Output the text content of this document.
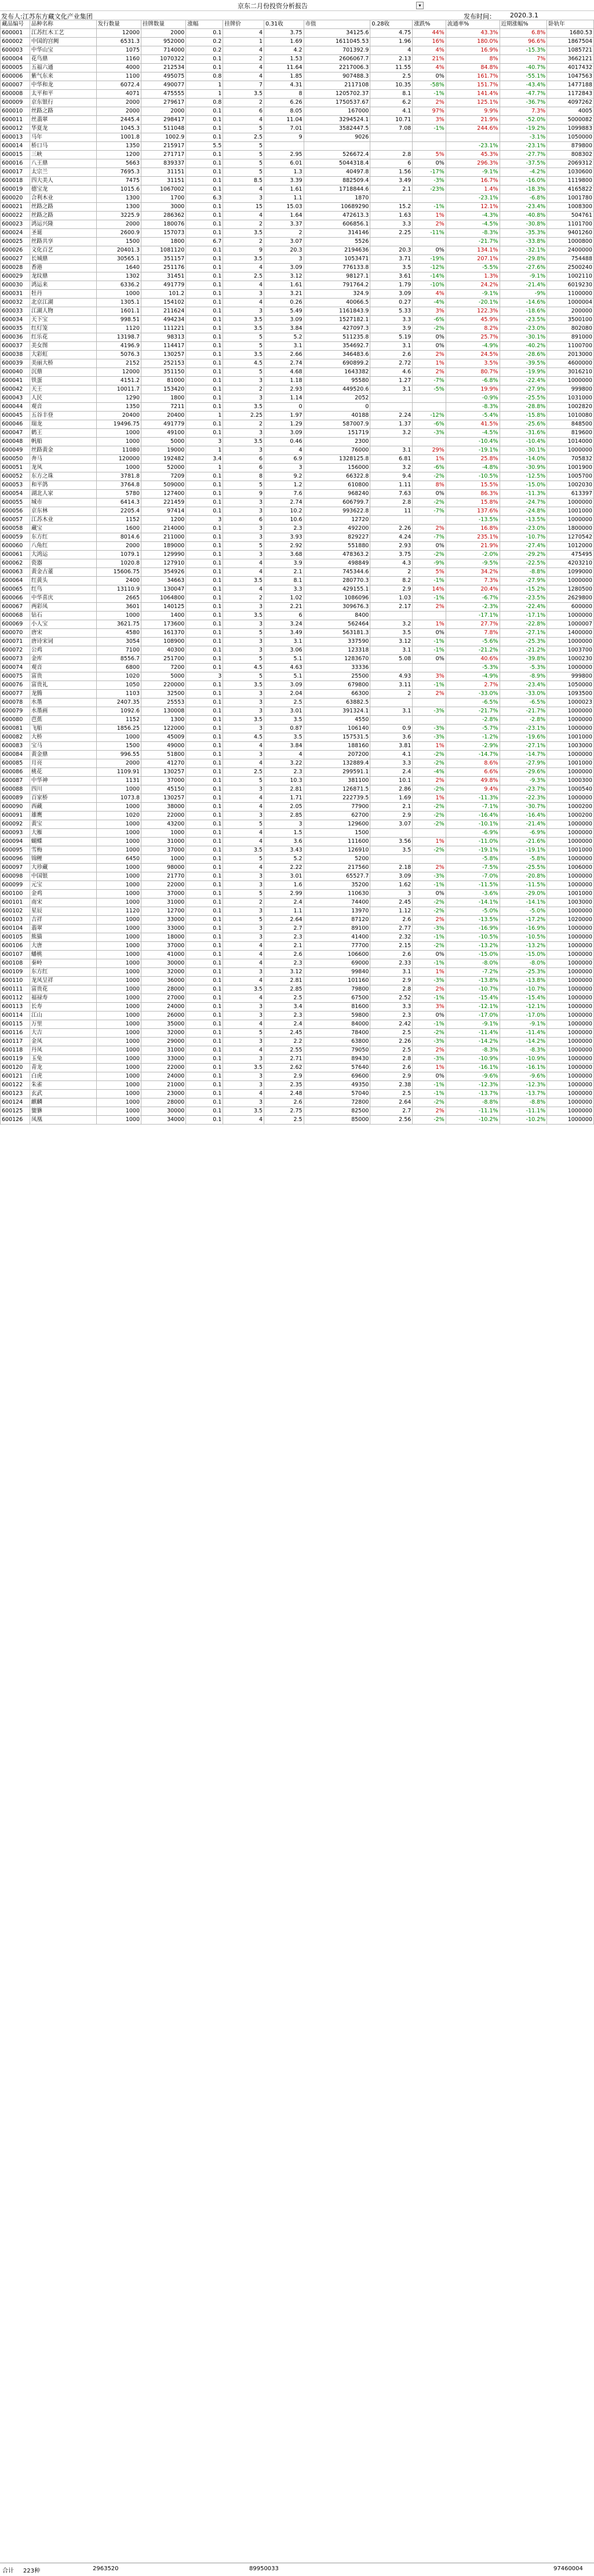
京东二月份投资分析报告	▾
发布人:江苏东方藏文化产业集团	发布时间： 2020.3.1
藏品编号	品种名称	发行数量	挂牌数量	涨幅	挂牌价	0.31收	市值	0.28收	涨跌%	流通率%	近期涨幅%	卧轨年
600001	江苏红木工艺	12000	2000	0.1	4	3.75	34125.6	4.75	44%	43.3%	6.8%	1680.53
600002	中国的宫阙	6531.3	952000	0.2	1	1.69	1611045.53	1.96	16%	180.0%	96.6%	1867504
600003	中华山宝	1075	714000	0.2	4	4.2	701392.9	4	4%	16.9%	-15.3%	1085721
600004	花鸟鼎	1160	1070322	0.1	2	1.53	2606067.7	2.13	21%	8%	7%	3662121
600005	五福六通	4000	212534	0.1	4	11.64	2217006.3	11.55	4%	84.8%	-40.7%	4017432
600006	紫气东来	1100	495075	0.8	4	1.85	907488.3	2.5	0%	161.7%	-55.1%	1047563
600007	中华和龙	6072.4	490077	1	7	4.31	2117108	10.35	-58%	151.7%	-43.4%	1477188
600008	太平和平	4071	475555	1	3.5	8	1205702.37	8.1	-1%	141.4%	-47.7%	1172843
600009	京东银行	2000	279617	0.8	2	6.26	1750537.67	6.2	2%	125.1%	-36.7%	4097262
600010	丝路之路	2000	2000	0.1	6	8.05	167000	4.1	97%	9.9%	7.3%	4005
600011	丝翡翠	2445.4	298417	0.1	4	11.04	3294524.1	10.71	3%	21.9%	-52.0%	5000082
600012	华夏龙	1045.3	511048	0.1	5	7.01	3582447.5	7.08	-1%	244.6%	-19.2%	1099883
600013	马年	1001.8	1002.9	0.1	2.5	9	9026				-3.1%	1050000
600014	桥口马	1350	215917	5.5	5					-23.1%	-23.1%	879800
600015	三峡	1200	271717	0.1	5	2.95	526672.4	2.8	5%	45.3%	-27.7%	808302
600016	八王鼎	5663	839337	0.1	5	6.01	5044318.4	6	0%	296.3%	-37.5%	2069312
600017	太宗兰	7695.3	31151	0.1	5	1.3	40497.8	1.56	-17%	-9.1%	-4.2%	1030600
600018	四大美人	7475	31151	0.1	8.5	3.39	882509.4	3.49	-3%	16.7%	-16.0%	1119800
600019	德宝龙	1015.6	1067002	0.1	4	1.61	1718844.6	2.1	-23%	1.4%	-18.3%	4165822
600020	合利木业	1300	1700	6.3	3	1.1	1870			-23.1%	-6.8%	1001780
600021	丝路之路	1300	3000	0.1	15	15.03	10689290	15.2	-1%	12.1%	-23.4%	1008300
600022	丝路之路	3225.9	286362	0.1	4	1.64	472613.3	1.63	1%	-4.3%	-40.8%	504761
600023	鸿运兴隆	2000	180076	0.1	2	3.37	606856.1	3.3	2%	-4.5%	-30.8%	1101700
600024	圣诞	2600.9	157073	0.1	3.5	2	314146	2.25	-11%	-8.3%	-35.3%	9401260
600025	丝路共享	1500	1800	6.7	2	3.07	5526			-21.7%	-33.8%	1000800
600026	文化百艺	20401.3	1081120	0.1	9	20.3	2194636	20.3	0%	134.1%	-32.1%	2400000
600027	长城鼎	30565.1	351157	0.1	3.5	3	1053471	3.71	-19%	207.1%	-29.8%	754488
600028	香港	1640	251176	0.1	4	3.09	776133.8	3.5	-12%	-5.5%	-27.6%	2500240
600029	龙纹鼎	1302	31451	0.1	2.5	3.12	98127.1	3.61	-14%	1.3%	-9.1%	1002110
600030	鸿运来	6336.2	491779	0.1	4	1.61	791764.2	1.79	-10%	24.2%	-21.4%	6019230
600031	牡丹	1000	101.2	0.1	3	3.21	324.9	3.09	4%	-9.1%	-9%	1100000
600032	北京江湖	1305.1	154102	0.1	4	0.26	40066.5	0.27	-4%	-20.1%	-14.6%	1000004
600033	江湖人物	1601.1	211624	0.1	3	5.49	1161843.9	5.33	3%	122.3%	-18.6%	200000
600034	天下宝	998.51	494234	0.1	3.5	3.09	1527182.1	3.3	-6%	45.9%	-23.5%	3500100
600035	红灯笼	1120	111221	0.1	3.5	3.84	427097.3	3.9	-2%	8.2%	-23.0%	802080
600036	红乐花	13198.7	98313	0.1	5	5.2	511235.8	5.19	0%	25.7%	-30.1%	891000
600037	美女图	4196.9	114417	0.1	5	3.1	354692.7	3.1	0%	-4.9%	-40.2%	1100700
600038	大彩虹	5076.3	130257	0.1	3.5	2.66	346483.6	2.6	2%	24.5%	-28.6%	2013000
600039	美丽大桥	2152	252153	0.1	4.5	2.74	690899.2	2.72	1%	3.5%	-39.5%	4600000
600040	沉鼎	12000	351150	0.1	5	4.68	1643382	4.6	2%	80.7%	-19.9%	3016210
600041	铁蛋	4151.2	81000	0.1	3	1.18	95580	1.27	-7%	-6.8%	-22.4%	1000000
600042	天王	10011.7	153420	0.1	2	2.93	449520.6	3.1	-5%	19.9%	-27.9%	999800
600043	人民	1290	1800	0.1	3	1.14	2052			-0.9%	-25.5%	1031000
600044	观音	1350	7211	0.1	3.5	0	0			-8.3%	-28.8%	1002820
600045	五谷丰登	20400	20400	1	2.25	1.97	40188	2.24	-12%	-5.4%	-15.8%	1010080
600046	瑞龙	19496.75	491779	0.1	2	1.29	587007.9	1.37	-6%	41.5%	-25.6%	848500
600047	鹤王	1000	49100	0.1	3	3.09	151719	3.2	-3%	-4.5%	-31.6%	819600
600048	帆船	1000	5000	3	3.5	0.46	2300			-10.4%	-10.4%	1014000
600049	丝路黄金	11080	19000	1	3	4	76000	3.1	29%	-19.1%	-30.1%	1000000
600050	奔马	120000	192482	3.4	6	6.9	1328125.8	6.81	1%	25.8%	-14.0%	705832
600051	龙凤	1000	52000	1	6	3	156000	3.2	-6%	-4.8%	-30.9%	1001900
600052	东方之珠	3781.8	7209	0.1	8	9.2	66322.8	9.4	-2%	-10.5%	-12.5%	1005700
600053	和平鸽	3764.8	509000	0.1	5	1.2	610800	1.11	8%	15.5%	-15.0%	1002030
600054	湖北人家	5780	127400	0.1	9	7.6	968240	7.63	0%	86.3%	-11.3%	613397
600055	城市	6414.3	221459	0.1	3	2.74	606799.7	2.8	-2%	15.8%	-24.7%	1000000
600056	京东林	2205.4	97414	0.1	3	10.2	993622.8	11	-7%	137.6%	-24.8%	1001000
600057	江苏木业	1152	1200	3	6	10.6	12720			-13.5%	-13.5%	1000000
600058	藏宝	1600	214000	0.1	3	2.3	492200	2.26	2%	16.8%	-23.0%	1800000
600059	东方红	8014.6	211000	0.1	3	3.93	829227	4.24	-7%	235.1%	-10.7%	1270542
600060	八角红	2000	189000	0.1	5	2.92	551880	2.93	0%	21.9%	-27.4%	1012000
600061	大鸿运	1079.1	129990	0.1	3	3.68	478363.2	3.75	-2%	-2.0%	-29.2%	475495
600062	瓷器	1020.8	127910	0.1	4	3.9	498849	4.3	-9%	-9.5%	-22.5%	4203210
600063	黄金古董	15606.75	354926	0.1	4	2.1	745344.6	2	5%	34.2%	-8.8%	1099000
600064	红黄头	2400	34663	0.1	3.5	8.1	280770.3	8.2	-1%	7.3%	-27.9%	1000000
600065	红鸟	13110.9	130047	0.1	4	3.3	429155.1	2.9	14%	20.4%	-15.2%	1280500
600066	中华喜庆	2665	1064800	0.1	2	1.02	1086096	1.03	-1%	-6.7%	-23.5%	2629800
600067	两彩凤	3601	140125	0.1	3	2.21	309676.3	2.17	2%	-2.3%	-22.4%	600000
600068	钻石	1000	1400	0.1	3.5	6	8400			-17.1%	-17.1%	1000000
600069	小人宝	3621.75	173600	0.1	3	3.24	562464	3.2	1%	27.7%	-22.8%	1000007
600070	唐宋	4580	161370	0.1	5	3.49	563181.3	3.5	0%	7.8%	-27.1%	1400000
600071	唐诗宋词	3054	108900	0.1	3	3.1	337590	3.12	-1%	-5.6%	-25.3%	1000000
600072	公鸡	7100	40300	0.1	3	3.06	123318	3.1	-1%	-21.2%	-21.2%	1003700
600073	金库	8556.7	251700	0.1	5	5.1	1283670	5.08	0%	40.6%	-39.8%	1000230
600074	观音	6800	7200	0.1	4.5	4.63	33336			-5.3%	-5.3%	1000000
600075	富贵	1020	5000	3	5	5.1	25500	4.93	3%	-4.9%	-8.9%	999800
600076	富贵礼	1050	220000	0.1	3.5	3.09	679800	3.11	-1%	2.7%	-23.4%	1050000
600077	龙腾	1103	32500	0.1	3	2.04	66300	2	2%	-33.0%	-33.0%	1093500
600078	水墨	2407.35	25553	0.1	3	2.5	63882.5			-6.5%	-6.5%	1000023
600079	水墨画	1092.6	130008	0.1	3	3.01	391324.1	3.1	-3%	-21.7%	-21.7%	1000000
600080	芭蕉	1152	1300	0.1	3.5	3.5	4550			-2.8%	-2.8%	1000000
600081	飞船	1856.25	122000	0.1	3	0.87	106140	0.9	-3%	-5.7%	-23.1%	1000000
600082	大桥	1000	45009	0.1	4.5	3.5	157531.5	3.6	-3%	-1.2%	-19.6%	1001000
600083	宝马	1500	49000	0.1	4	3.84	188160	3.81	1%	-2.9%	-27.1%	1003000
600084	黄金鼎	996.55	51800	0.1	3	4	207200	4.1	-2%	-14.7%	-14.7%	1000000
600085	月亮	2000	41270	0.1	4	3.22	132889.4	3.3	-2%	8.6%	-27.9%	1001000
600086	桃花	1109.91	130257	0.1	2.5	2.3	299591.1	2.4	-4%	6.6%	-29.6%	1000000
600087	中华神	1131	37000	0.1	5	10.3	381100	10.1	2%	49.8%	-9.3%	1000300
600088	四川	1000	45150	0.1	3	2.81	126871.5	2.86	-2%	9.4%	-23.7%	1000540
600089	百家桥	1073.8	130257	0.1	4	1.71	222739.5	1.69	1%	-11.3%	-22.3%	1000000
600090	西藏	1000	38000	0.1	4	2.05	77900	2.1	-2%	-7.1%	-30.7%	1000200
600091	雄鹰	1020	22000	0.1	3	2.85	62700	2.9	-2%	-16.4%	-16.4%	1000200
600092	黄宝	1000	43200	0.1	5	3	129600	3.07	-2%	-10.1%	-21.4%	1000000
600093	大雁	1000	1000	0.1	4	1.5	1500			-6.9%	-6.9%	1000000
600094	蝴蝶	1000	31000	0.1	4	3.6	111600	3.56	1%	-11.0%	-21.6%	1000000
600095	雪梅	1000	37000	0.1	3.5	3.43	126910	3.5	-2%	-19.1%	-19.1%	1001000
600096	锦鲤	6450	1000	0.1	5	5.2	5200			-5.8%	-5.8%	1000000
600097	大珍藏	1000	98000	0.1	4	2.22	217560	2.18	2%	-7.5%	-25.5%	1006000
600098	中国银	1000	21770	0.1	3	3.01	65527.7	3.09	-3%	-7.0%	-20.8%	1000000
600099	元宝	1000	22000	0.1	3	1.6	35200	1.62	-1%	-11.5%	-11.5%	1000000
600100	金鸡	1000	37000	0.1	5	2.99	110630	3	0%	-3.6%	-29.0%	1001000
600101	南宋	1000	31000	0.1	2	2.4	74400	2.45	-2%	-14.1%	-14.1%	1003000
600102	星辰	1120	12700	0.1	3	1.1	13970	1.12	-2%	-5.0%	-5.0%	1000000
600103	吉祥	1000	33000	0.1	5	2.64	87120	2.6	2%	-13.5%	-17.2%	1020000
600104	翡翠	1000	33000	0.1	3	2.7	89100	2.77	-3%	-16.9%	-16.9%	1000000
600105	熊猫	1000	18000	0.1	3	2.3	41400	2.32	-1%	-10.5%	-10.5%	1000000
600106	大唐	1000	37000	0.1	4	2.1	77700	2.15	-2%	-13.2%	-13.2%	1000000
600107	蟠桃	1000	41000	0.1	4	2.6	106600	2.6	0%	-15.0%	-15.0%	1000000
600108	秦岭	1000	30000	0.1	4	2.3	69000	2.33	-1%	-8.0%	-8.0%	1000000
600109	东方红	1000	32000	0.1	3	3.12	99840	3.1	1%	-7.2%	-25.3%	1000000
600110	龙凤呈祥	1000	36000	0.1	4	2.81	101160	2.9	-3%	-13.8%	-13.8%	1000000
600111	富贵花	1000	28000	0.1	3.5	2.85	79800	2.8	2%	-10.7%	-10.7%	1000000
600112	福禄寿	1000	27000	0.1	4	2.5	67500	2.52	-1%	-15.4%	-15.4%	1000000
600113	长寿	1000	24000	0.1	3	3.4	81600	3.3	3%	-12.1%	-12.1%	1000000
600114	江山	1000	26000	0.1	3	2.3	59800	2.3	0%	-17.0%	-17.0%	1000000
600115	万里	1000	35000	0.1	4	2.4	84000	2.42	-1%	-9.1%	-9.1%	1000000
600116	大吉	1000	32000	0.1	5	2.45	78400	2.5	-2%	-11.4%	-11.4%	1000000
600117	金凤	1000	29000	0.1	3	2.2	63800	2.26	-3%	-14.2%	-14.2%	1000000
600118	丹凤	1000	31000	0.1	4	2.55	79050	2.5	2%	-8.3%	-8.3%	1000000
600119	玉兔	1000	33000	0.1	3	2.71	89430	2.8	-3%	-10.9%	-10.9%	1000000
600120	青龙	1000	22000	0.1	3.5	2.62	57640	2.6	1%	-16.1%	-16.1%	1000000
600121	白虎	1000	24000	0.1	3	2.9	69600	2.9	0%	-9.6%	-9.6%	1000000
600122	朱雀	1000	21000	0.1	3	2.35	49350	2.38	-1%	-12.3%	-12.3%	1000000
600123	玄武	1000	23000	0.1	4	2.48	57040	2.5	-1%	-13.7%	-13.7%	1000000
600124	麒麟	1000	28000	0.1	3	2.6	72800	2.64	-2%	-8.8%	-8.8%	1000000
600125	貔貅	1000	30000	0.1	3.5	2.75	82500	2.7	2%	-11.1%	-11.1%	1000000
600126	凤凰	1000	34000	0.1	4	2.5	85000	2.56	-2%	-10.2%	-10.2%	1000000
合计 223种	2963520	89950033	97460004
